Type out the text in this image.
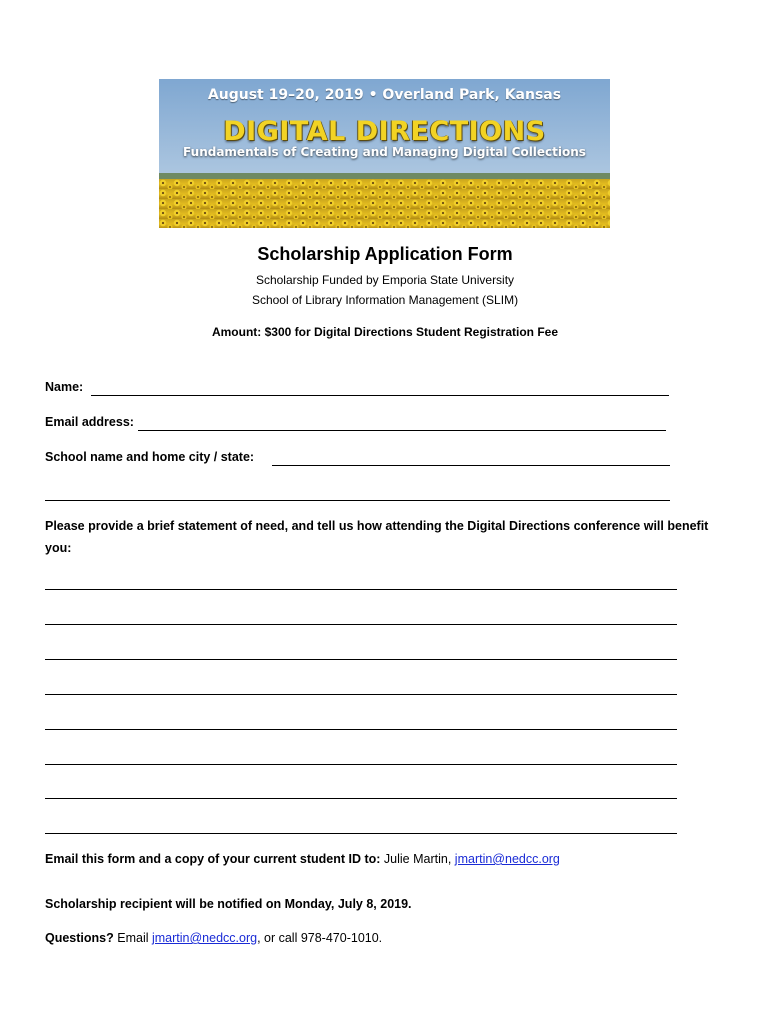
August 19–20, 2019 • Overland Park, Kansas
DIGITAL DIRECTIONS
Fundamentals of Creating and Managing Digital Collections
Scholarship Application Form
Scholarship Funded by Emporia State University
School of Library Information Management (SLIM)
Amount: $300 for Digital Directions Student Registration Fee
Name:
Email address:
School name and home city / state:
Please provide a brief statement of need, and tell us how attending the Digital Directions conference will benefit you:
Email this form and a copy of your current student ID to: Julie Martin, jmartin@nedcc.org
Scholarship recipient will be notified on Monday, July 8, 2019.
Questions? Email jmartin@nedcc.org, or call 978-470-1010.
